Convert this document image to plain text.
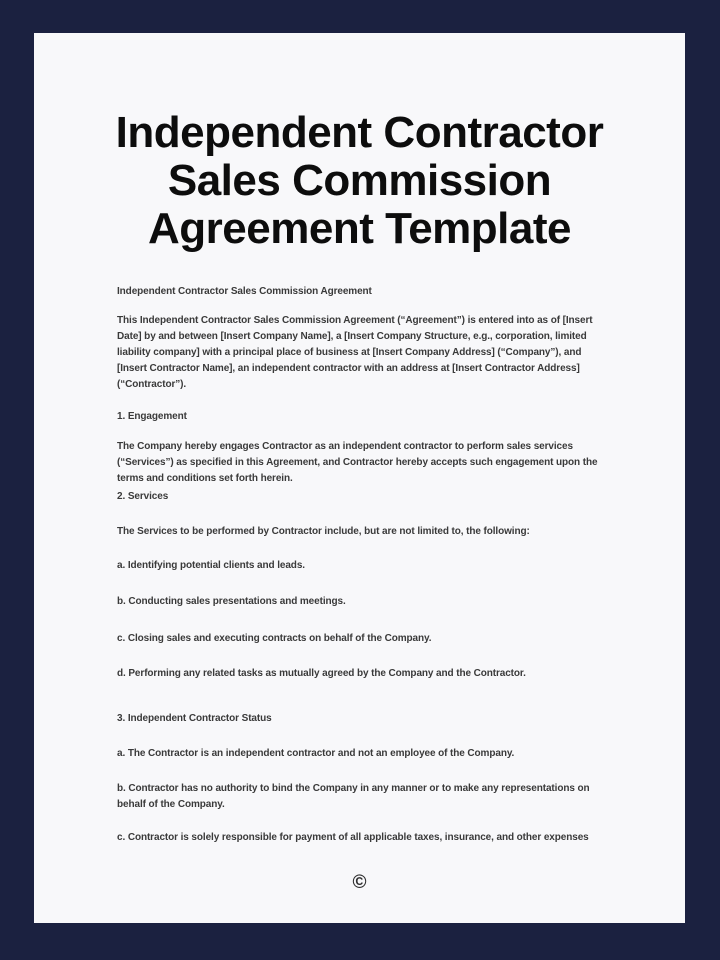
Independent Contractor Sales Commission Agreement Template

Independent Contractor Sales Commission Agreement

This Independent Contractor Sales Commission Agreement (“Agreement”) is entered into as of [Insert Date] by and between [Insert Company Name], a [Insert Company Structure, e.g., corporation, limited liability company] with a principal place of business at [Insert Company Address] (“Company”), and [Insert Contractor Name], an independent contractor with an address at [Insert Contractor Address] (“Contractor”).

1. Engagement

The Company hereby engages Contractor as an independent contractor to perform sales services (“Services”) as specified in this Agreement, and Contractor hereby accepts such engagement upon the terms and conditions set forth herein.

2. Services

The Services to be performed by Contractor include, but are not limited to, the following:

a. Identifying potential clients and leads.

b. Conducting sales presentations and meetings.

c. Closing sales and executing contracts on behalf of the Company.

d. Performing any related tasks as mutually agreed by the Company and the Contractor.

3. Independent Contractor Status

a. The Contractor is an independent contractor and not an employee of the Company.

b. Contractor has no authority to bind the Company in any manner or to make any representations on behalf of the Company.

c. Contractor is solely responsible for payment of all applicable taxes, insurance, and other expenses

©
